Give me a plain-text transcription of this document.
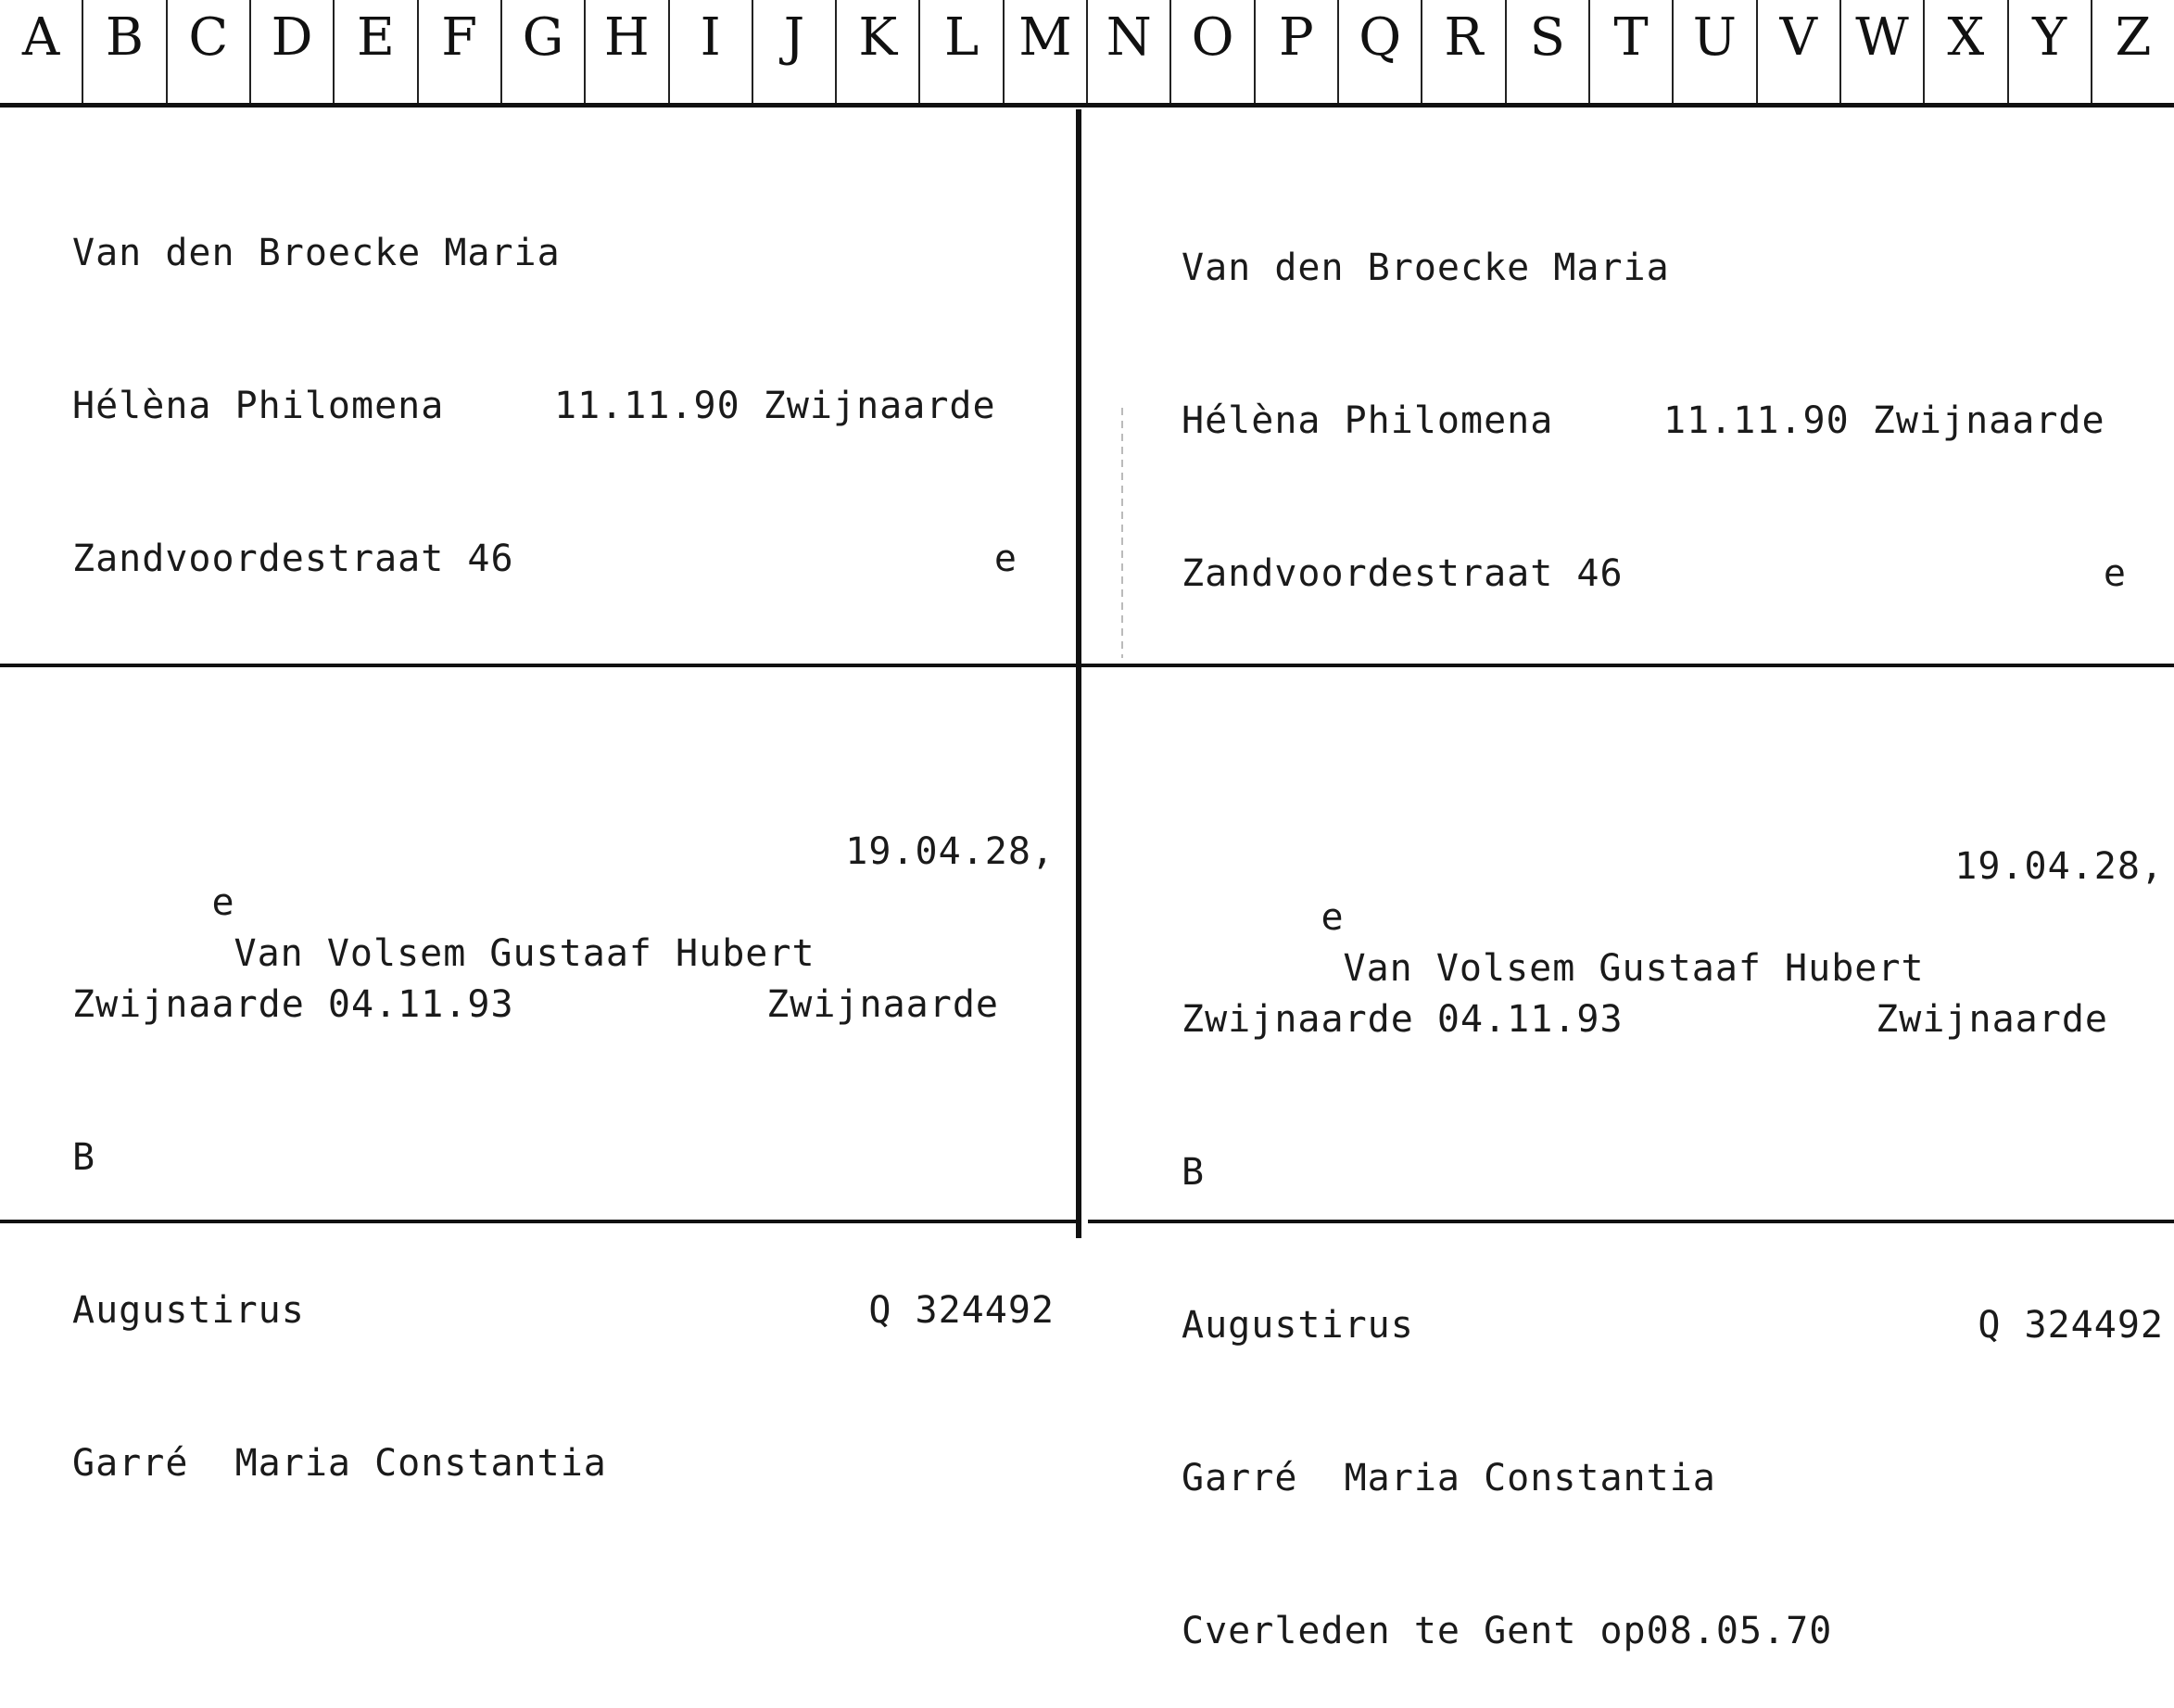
A B C D E F G H I	J	K L M N O P Q R S T U V W X Y Z

Van den Broecke Maria

Hélèna Philomena	11.11.90 Zwijnaarde

Zandvoordestraat 46	e

e
Van Volsem Gustaaf Hubert

19.04.28,

Zwijnaarde 04.11.93	Zwijnaarde

B

Augustirus	Q 324492

Garré  Maria Constantia

Van den Broecke Maria

Hélèna Philomena	11.11.90 Zwijnaarde

Zandvoordestraat 46	e

e
Van Volsem Gustaaf Hubert

19.04.28,

Zwijnaarde 04.11.93	Zwijnaarde

B

Augustirus	Q 324492

Garré  Maria Constantia

Cverleden te Gent op08.05.70
